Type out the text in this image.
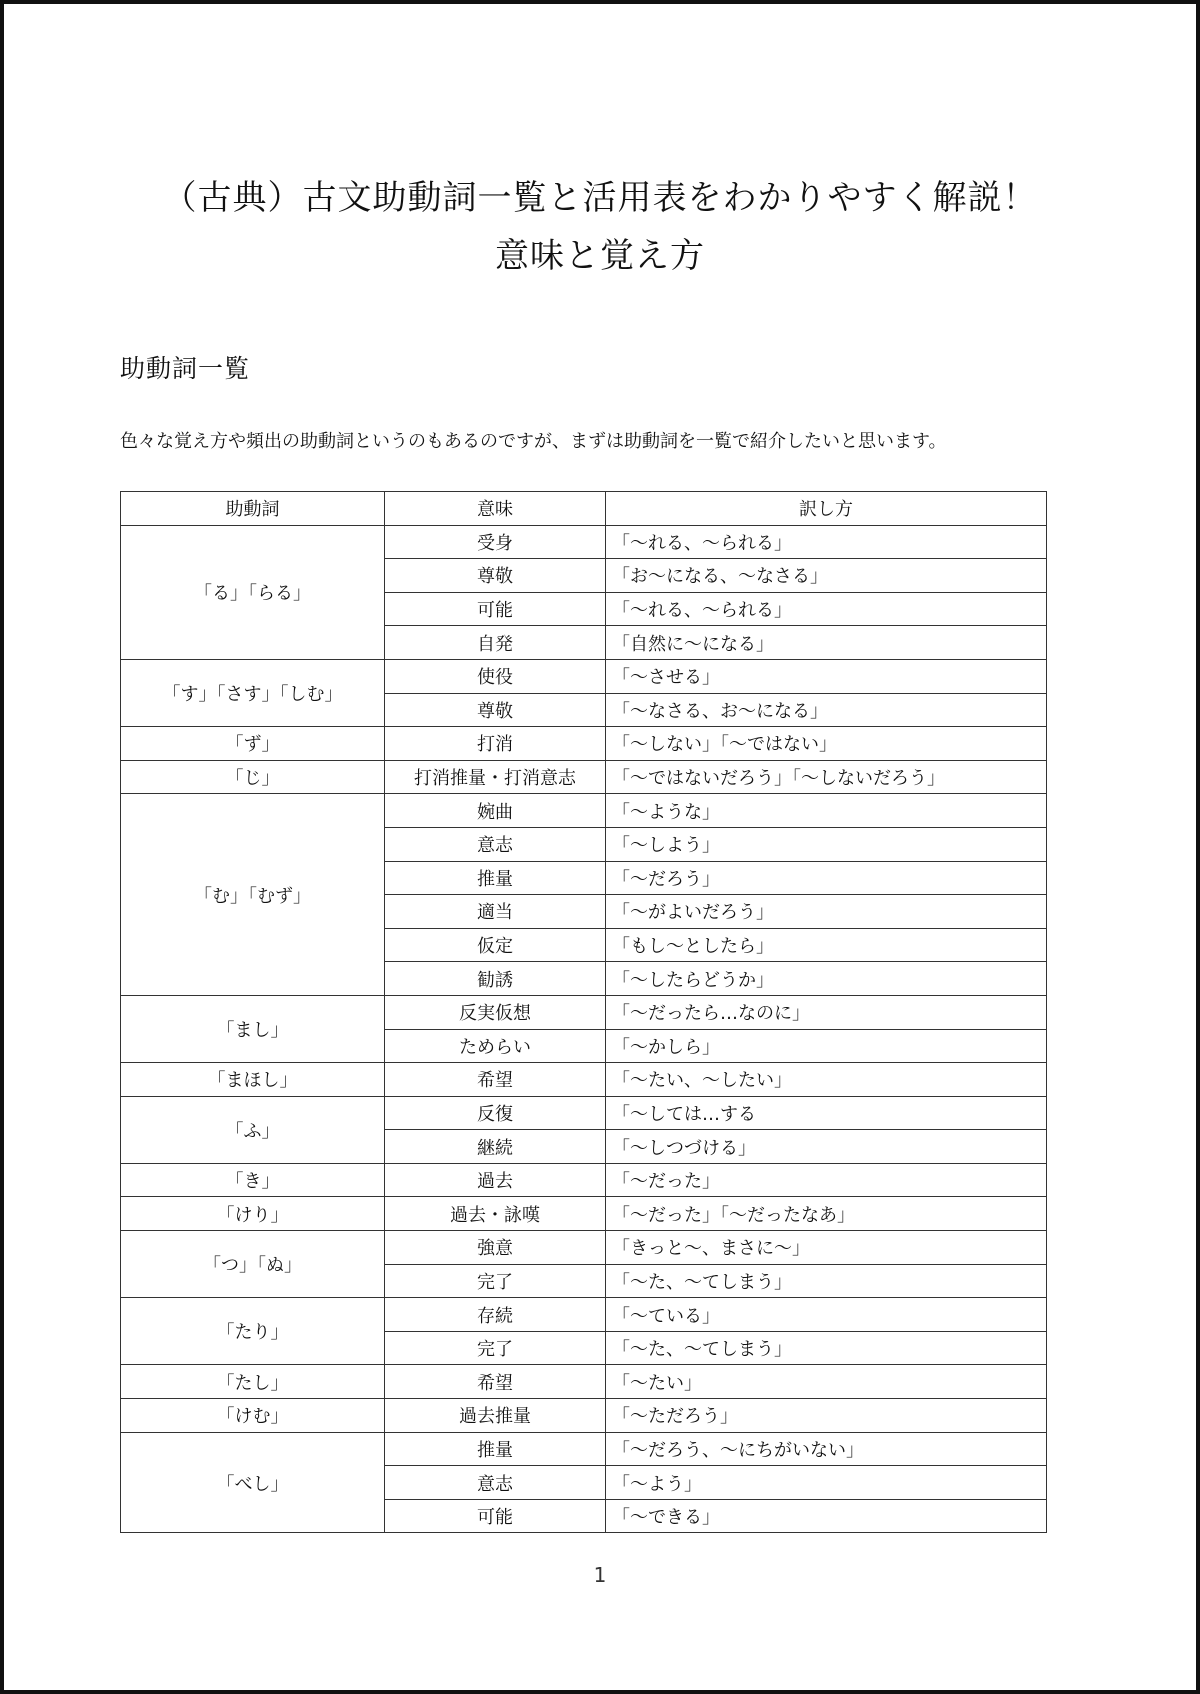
（古典）古文助動詞一覧と活用表をわかりやすく解説！
意味と覚え方
助動詞一覧

色々な覚え方や頻出の助動詞というのもあるのですが、まずは助動詞を一覧で紹介したいと思います。

助動詞	意味	訳し方
「る」「らる」	受身	「～れる、～られる」
	尊敬	「お～になる、～なさる」
	可能	「～れる、～られる」
	自発	「自然に～になる」
「す」「さす」「しむ」	使役	「～させる」
	尊敬	「～なさる、お～になる」
「ず」	打消	「～しない」「～ではない」
「じ」	打消推量・打消意志	「～ではないだろう」「～しないだろう」
「む」「むず」	婉曲	「～ような」
	意志	「～しよう」
	推量	「～だろう」
	適当	「～がよいだろう」
	仮定	「もし～としたら」
	勧誘	「～したらどうか」
「まし」	反実仮想	「～だったら…なのに」
	ためらい	「～かしら」
「まほし」	希望	「～たい、～したい」
「ふ」	反復	「～しては…する
	継続	「～しつづける」
「き」	過去	「～だった」
「けり」	過去・詠嘆	「～だった」「～だったなあ」
「つ」「ぬ」	強意	「きっと～、まさに～」
	完了	「～た、～てしまう」
「たり」	存続	「～ている」
	完了	「～た、～てしまう」
「たし」	希望	「～たい」
「けむ」	過去推量	「～ただろう」
「べし」	推量	「～だろう、～にちがいない」
	意志	「～よう」
	可能	「～できる」
1
